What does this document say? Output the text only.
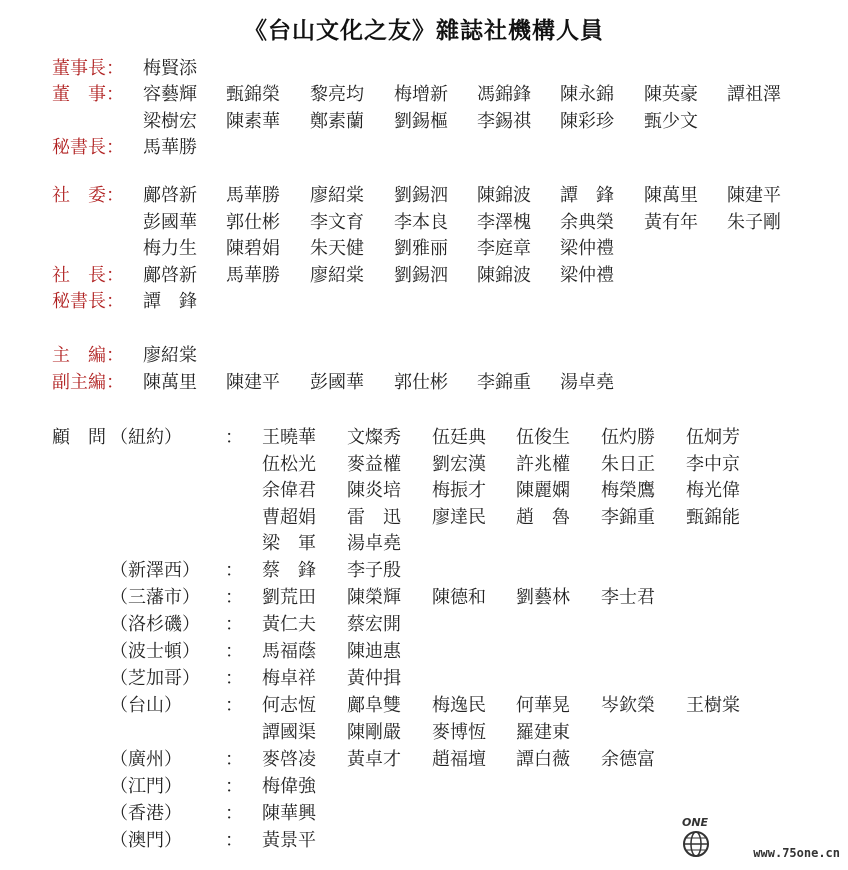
《台山文化之友》雜誌社機構人員
董事長： 梅賢添
董　事： 容藝輝 甄錦榮 黎亮均 梅增新 馮錦鋒 陳永錦 陳英豪 譚祖澤
梁樹宏 陳素華 鄭素蘭 劉錫樞 李錫祺 陳彩珍 甄少文
秘書長： 馬華勝
社　委： 鄺啓新 馬華勝 廖紹棠 劉錫泗 陳錦波 譚　鋒 陳萬里 陳建平
彭國華 郭仕彬 李文育 李本良 李澤槐 余典榮 黃有年 朱子剛
梅力生 陳碧娟 朱天健 劉雅丽 李庭章 梁仲禮
社　長： 鄺啓新 馬華勝 廖紹棠 劉錫泗 陳錦波 梁仲禮
秘書長： 譚　鋒
主　編： 廖紹棠
副主編： 陳萬里 陳建平 彭國華 郭仕彬 李錦重 湯卓堯
顧　問 （紐約） ： 王曉華 文燦秀 伍廷典 伍俊生 伍灼勝 伍炯芳
伍松光 麥益權 劉宏漢 許兆權 朱日正 李中京
余偉君 陳炎培 梅振才 陳麗嫻 梅榮鷹 梅光偉
曹超娟 雷　迅 廖達民 趙　魯 李錦重 甄錦能
梁　軍 湯卓堯
（新澤西） ： 蔡　鋒 李子殷
（三藩市） ： 劉荒田 陳榮輝 陳德和 劉藝林 李士君
（洛杉磯） ： 黃仁夫 蔡宏開
（波士頓） ： 馬福蔭 陳迪惠
（芝加哥） ： 梅卓祥 黃仲揖
（台山） ： 何志恆 鄺阜雙 梅逸民 何華晃 岑欽榮 王樹棠
譚國渠 陳剛嚴 麥博恆 羅建東
（廣州） ： 麥啓凌 黃卓才 趙福壇 譚白薇 余德富
（江門） ： 梅偉強
（香港） ： 陳華興
（澳門） ： 黃景平
ONE
www.75one.cn
